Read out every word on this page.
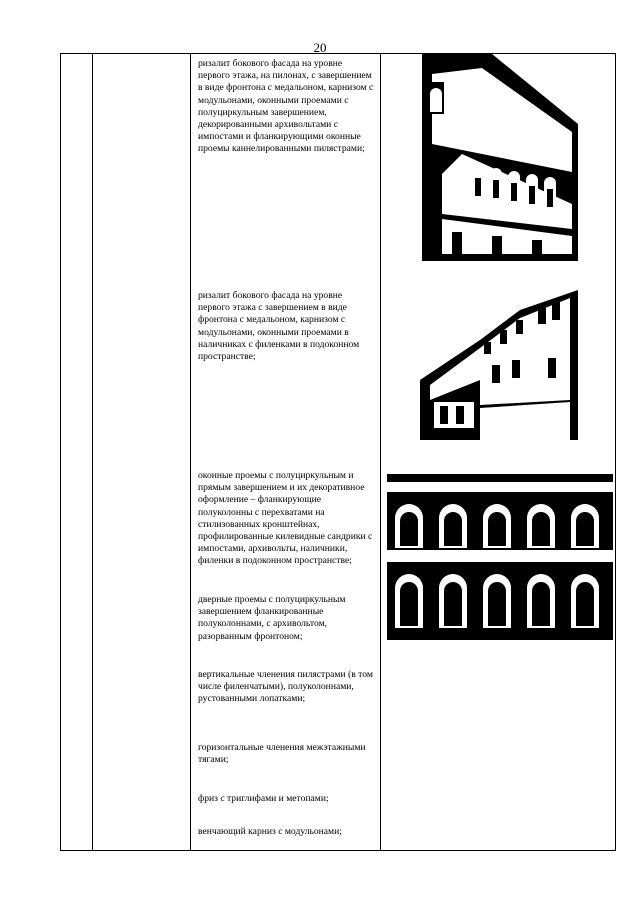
20
ризалит бокового фасада на уровне первого этажа, на пилонах, с завершением в виде фронтона с медальоном, карнизом с модульонами, оконными проемами с полуциркульным завершением, декорированными архивольтами с импостами и фланкирующими оконные проемы каннелированными пилястрами;
ризалит бокового фасада на уровне первого этажа с завершением в виде фронтона с медальоном, карнизом с модульонами, оконными проемами в наличниках с филенками в подоконном пространстве;
оконные проемы с полуциркульным и прямым завершением и их декоративное оформление – фланкирующие полуколонны с перехватами на стилизованных кронштейнах, профилированные килевидные сандрики с импостами, архивольты, наличники, филенки в подоконном пространстве;
дверные проемы с полуциркульным завершением фланкированные полуколоннами, с архивольтом, разорванным фронтоном;
вертикальные членения пилястрами (в том числе филенчатыми), полуколоннами, рустованными лопатками;
горизонтальные членения межэтажными тягами;
фриз с триглифами и метопами;
венчающий карниз с модульонами;
